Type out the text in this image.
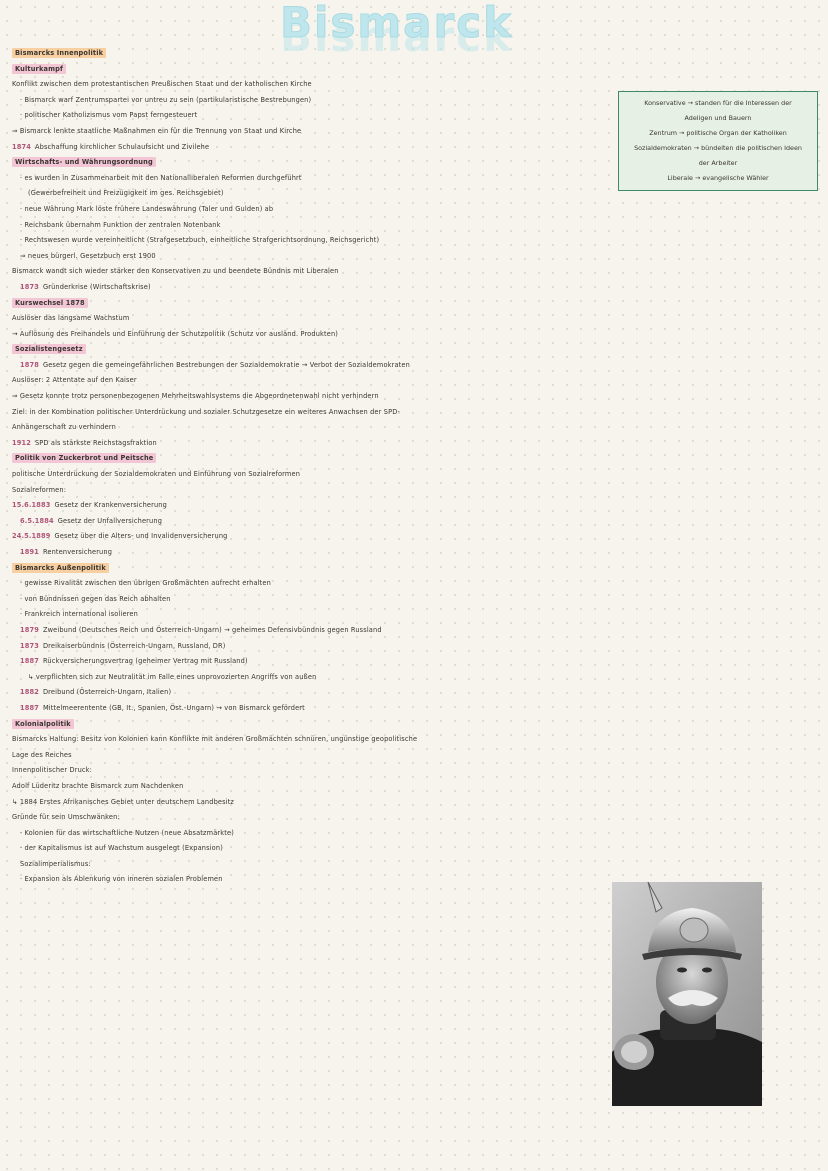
Bismarck
Bismarcks Innenpolitik
Kulturkampf
Konflikt zwischen dem protestantischen Preußischen Staat und der katholischen Kirche
· Bismarck warf Zentrumspartei vor untreu zu sein (partikularistische Bestrebungen)
· politischer Katholizismus vom Papst ferngesteuert
⇒ Bismarck lenkte staatliche Maßnahmen ein für die Trennung von Staat und Kirche
1874 Abschaffung kirchlicher Schulaufsicht und Zivilehe
Wirtschafts- und Währungsordnung
· es wurden in Zusammenarbeit mit den Nationalliberalen Reformen durchgeführt
(Gewerbefreiheit und Freizügigkeit im ges. Reichsgebiet)
· neue Währung Mark löste frühere Landeswährung (Taler und Gulden) ab
· Reichsbank übernahm Funktion der zentralen Notenbank
· Rechtswesen wurde vereinheitlicht (Strafgesetzbuch, einheitliche Strafgerichtsordnung, Reichsgericht)
⇒ neues bürgerl. Gesetzbuch erst 1900
Bismarck wandt sich wieder stärker den Konservativen zu und beendete Bündnis mit Liberalen
1873 Gründerkrise (Wirtschaftskrise)
Kurswechsel 1878
Auslöser das langsame Wachstum
→ Auflösung des Freihandels und Einführung der Schutzpolitik (Schutz vor ausländ. Produkten)
Sozialistengesetz
1878 Gesetz gegen die gemeingefährlichen Bestrebungen der Sozialdemokratie → Verbot der Sozialdemokraten
Auslöser: 2 Attentate auf den Kaiser
⇒ Gesetz konnte trotz personenbezogenen Mehrheitswahlsystems die Abgeordnetenwahl nicht verhindern
Ziel: in der Kombination politischer Unterdrückung und sozialer Schutzgesetze ein weiteres Anwachsen der SPD-
Anhängerschaft zu verhindern
1912 SPD als stärkste Reichstagsfraktion
Politik von Zuckerbrot und Peitsche
politische Unterdrückung der Sozialdemokraten und Einführung von Sozialreformen
Sozialreformen:
15.6.1883 Gesetz der Krankenversicherung
6.5.1884 Gesetz der Unfallversicherung
24.5.1889 Gesetz über die Alters- und Invalidenversicherung
1891 Rentenversicherung
Bismarcks Außenpolitik
· gewisse Rivalität zwischen den übrigen Großmächten aufrecht erhalten
· von Bündnissen gegen das Reich abhalten
· Frankreich international isolieren
1879 Zweibund (Deutsches Reich und Österreich-Ungarn) → geheimes Defensivbündnis gegen Russland
1873 Dreikaiserbündnis (Österreich-Ungarn, Russland, DR)
1887 Rückversicherungsvertrag (geheimer Vertrag mit Russland)
↳ verpflichten sich zur Neutralität im Falle eines unprovozierten Angriffs von außen
1882 Dreibund (Österreich-Ungarn, Italien)
1887 Mittelmeerentente (GB, It., Spanien, Öst.-Ungarn) → von Bismarck gefördert
Kolonialpolitik
Bismarcks Haltung: Besitz von Kolonien kann Konflikte mit anderen Großmächten schnüren, ungünstige geopolitische
Lage des Reiches
Innenpolitischer Druck:
Adolf Lüderitz brachte Bismarck zum Nachdenken
↳ 1884 Erstes Afrikanisches Gebiet unter deutschem Landbesitz
Gründe für sein Umschwänken:
· Kolonien für das wirtschaftliche Nutzen (neue Absatzmärkte)
· der Kapitalismus ist auf Wachstum ausgelegt (Expansion)
Sozialimperialismus:
· Expansion als Ablenkung von inneren sozialen Problemen

Konservative → standen für die Interessen der

Adeligen und Bauern

Zentrum → politische Organ der Katholiken

Sozialdemokraten → bündelten die politischen Ideen

der Arbeiter

Liberale → evangelische Wähler
